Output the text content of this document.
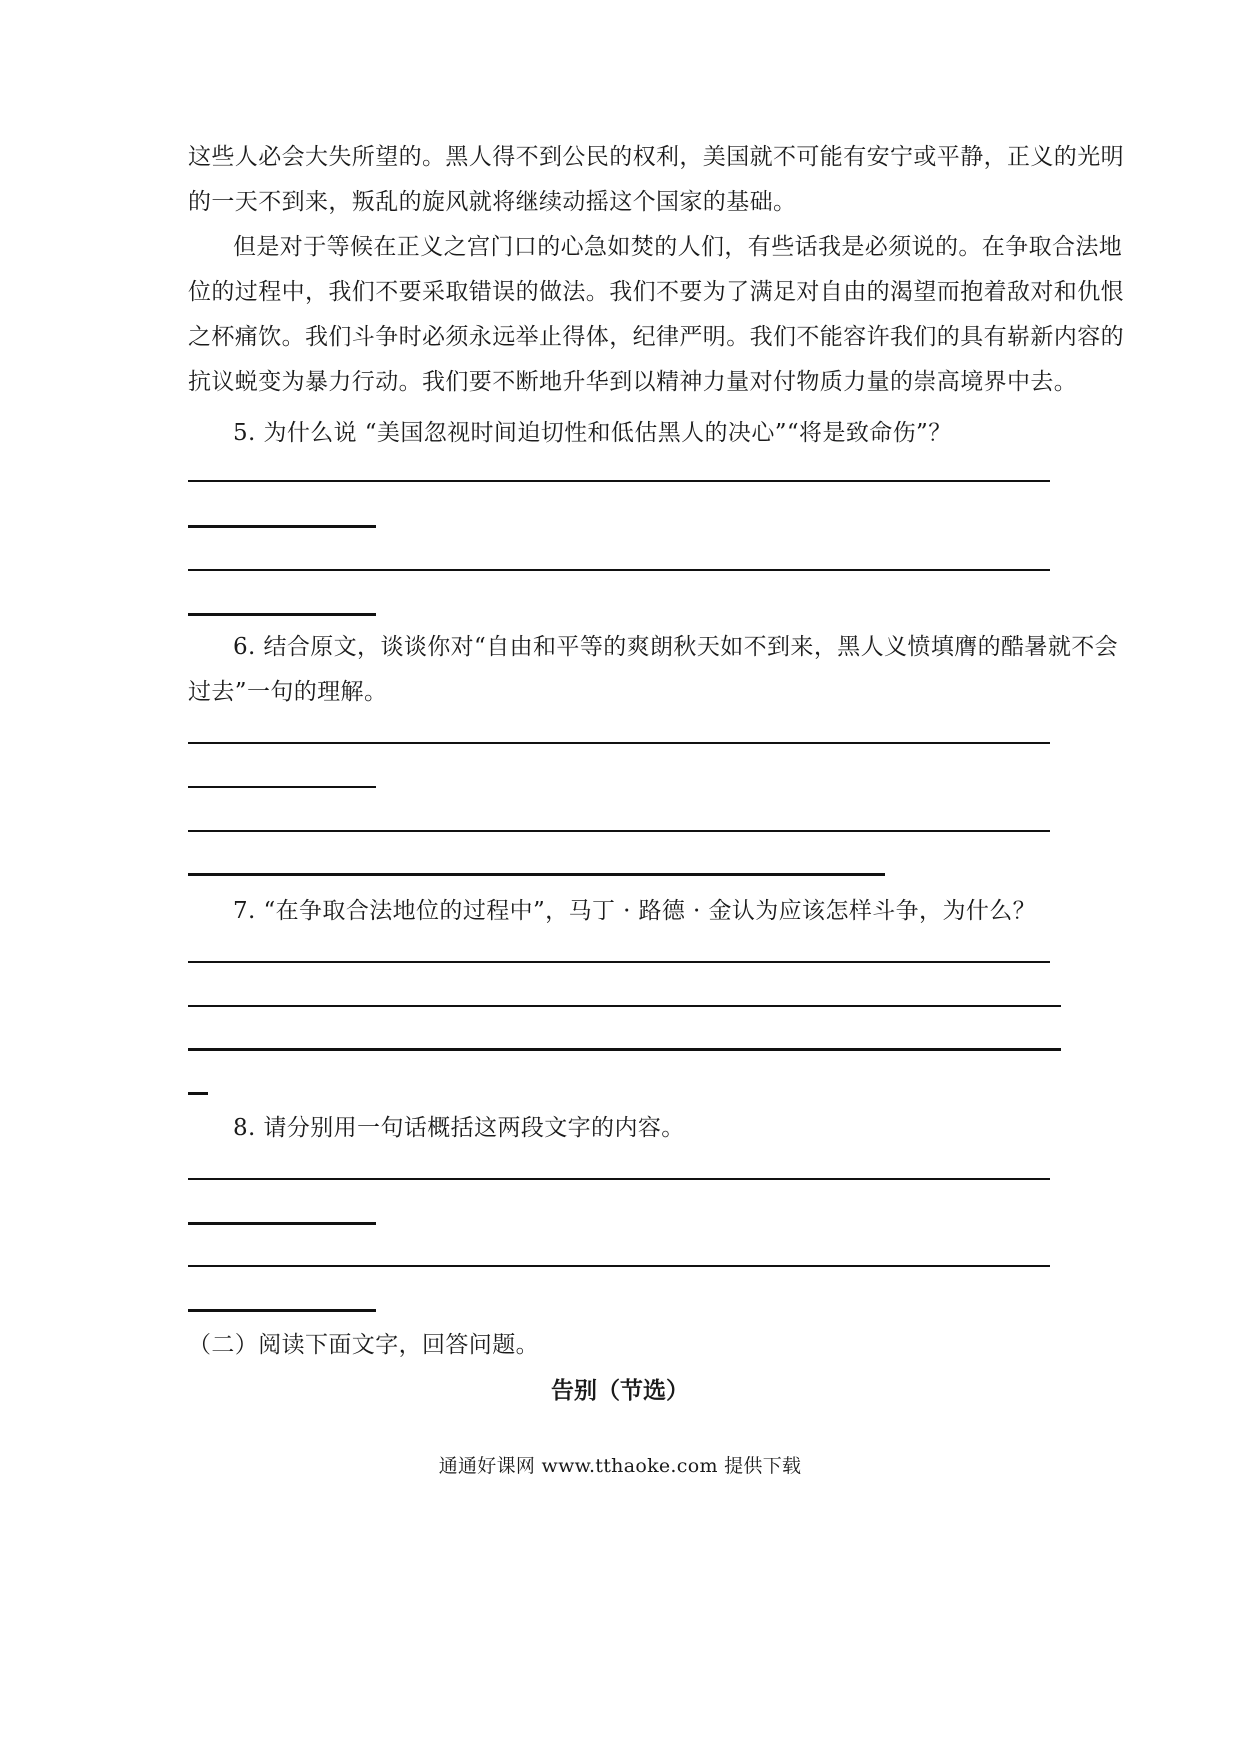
这些人必会大失所望的。黑人得不到公民的权利，美国就不可能有安宁或平静，正义的光明
的一天不到来，叛乱的旋风就将继续动摇这个国家的基础。
但是对于等候在正义之宫门口的心急如焚的人们，有些话我是必须说的。在争取合法地
位的过程中，我们不要采取错误的做法。我们不要为了满足对自由的渴望而抱着敌对和仇恨
之杯痛饮。我们斗争时必须永远举止得体，纪律严明。我们不能容许我们的具有崭新内容的
抗议蜕变为暴力行动。我们要不断地升华到以精神力量对付物质力量的崇高境界中去。
5. 为什么说 “美国忽视时间迫切性和低估黑人的决心”“将是致命伤”？
6. 结合原文，谈谈你对“自由和平等的爽朗秋天如不到来，黑人义愤填膺的酷暑就不会
过去”一句的理解。
7. “在争取合法地位的过程中”，马丁 · 路德 · 金认为应该怎样斗争，为什么？
8. 请分别用一句话概括这两段文字的内容。
（二）阅读下面文字，回答问题。
告别（节选）
通通好课网 www.tthaoke.com 提供下载
